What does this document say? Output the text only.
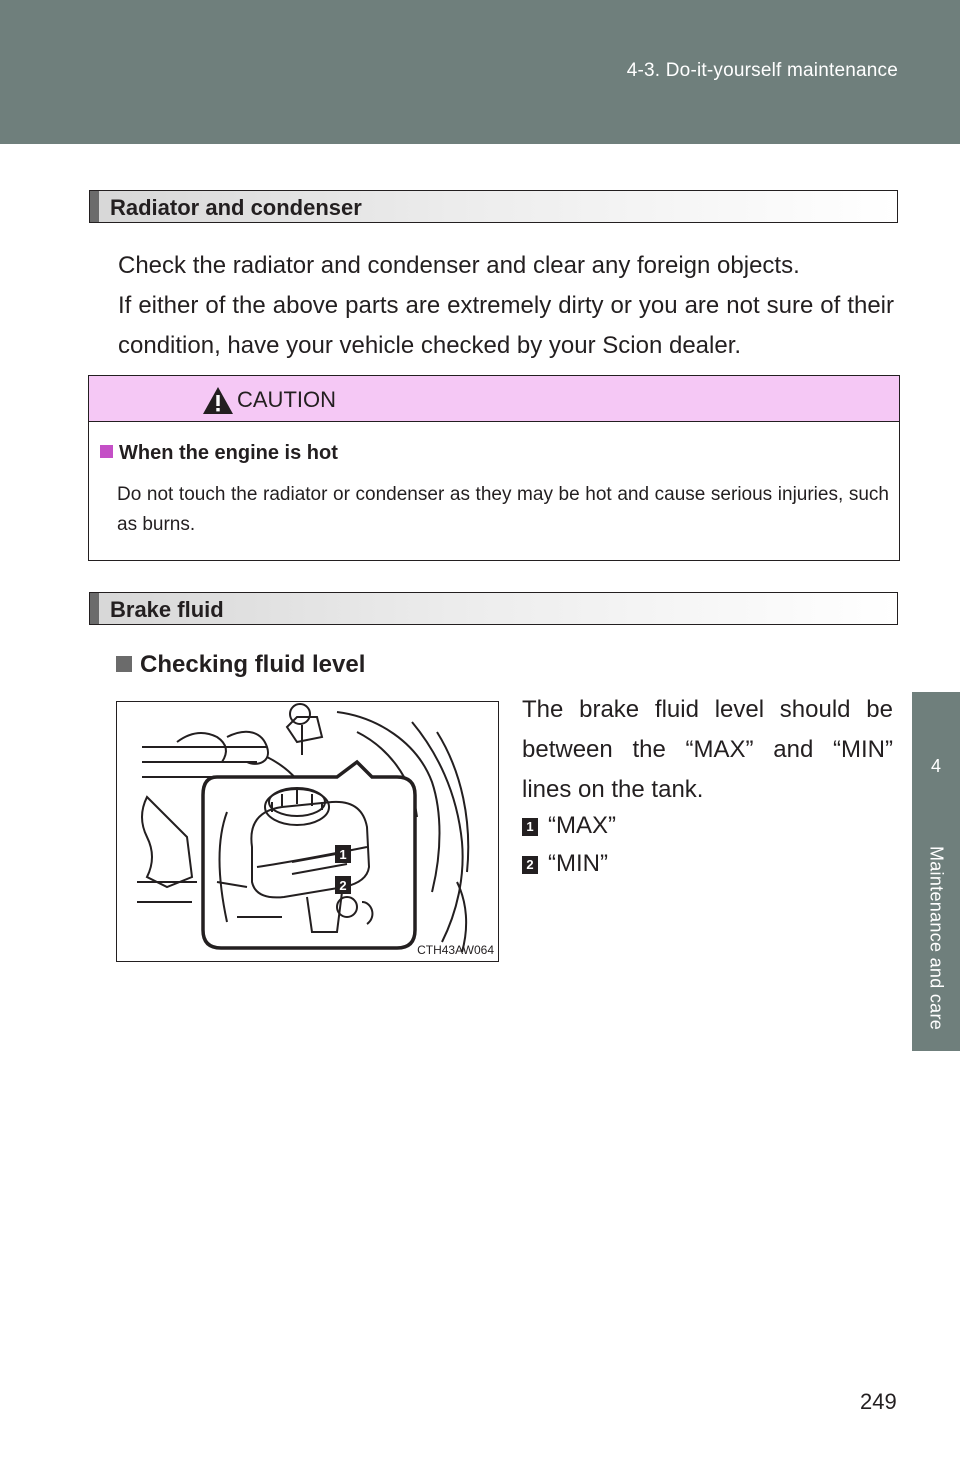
4-3. Do-it-yourself maintenance
4
Maintenance and care
Radiator and condenser

Check the radiator and condenser and clear any foreign objects.

If either of the above parts are extremely dirty or you are not sure of their condition, have your vehicle checked by your Scion dealer.

CAUTION
When the engine is hot
Do not touch the radiator or condenser as they may be hot and cause serious injuries, such as burns.
Brake fluid
Checking fluid level
1
2
CTH43AW064
The brake fluid level should be between the “MAX” and “MIN” lines on the tank.
1 “MAX”
2 “MIN”
249
